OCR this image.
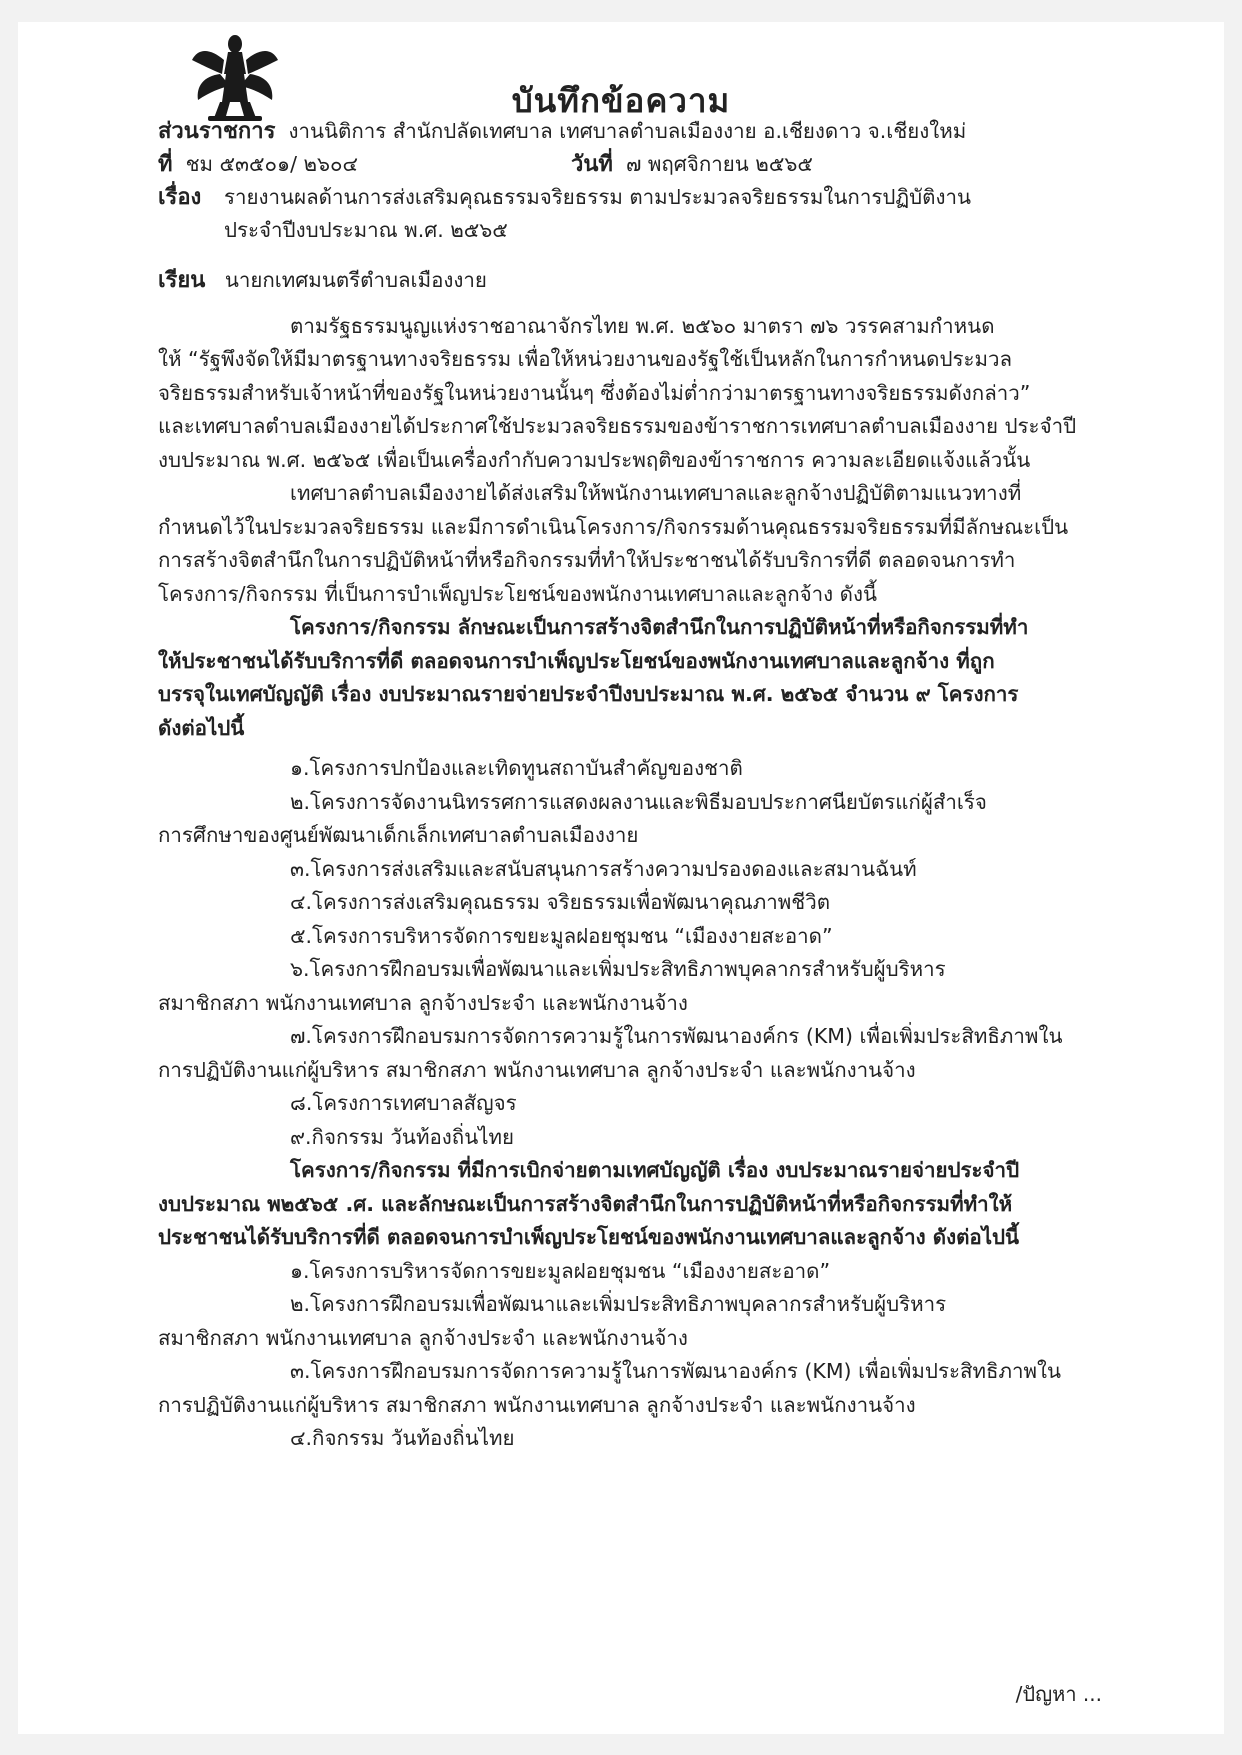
บันทึกข้อความ
ส่วนราชการ งานนิติการ สำนักปลัดเทศบาล เทศบาลตำบลเมืองงาย อ.เชียงดาว จ.เชียงใหม่
ที่ ชม ๕๓๕๐๑/ ๒๖๐๔	วันที่ ๗ พฤศจิกายน ๒๕๖๕
เรื่อง รายงานผลด้านการส่งเสริมคุณธรรมจริยธรรม ตามประมวลจริยธรรมในการปฏิบัติงาน
ประจำปีงบประมาณ พ.ศ. ๒๕๖๕
เรียน นายกเทศมนตรีตำบลเมืองงาย
ตามรัฐธรรมนูญแห่งราชอาณาจักรไทย พ.ศ. ๒๕๖๐ มาตรา ๗๖ วรรคสามกำหนด
ให้ “รัฐพึงจัดให้มีมาตรฐานทางจริยธรรม เพื่อให้หน่วยงานของรัฐใช้เป็นหลักในการกำหนดประมวล
จริยธรรมสำหรับเจ้าหน้าที่ของรัฐในหน่วยงานนั้นๆ ซึ่งต้องไม่ต่ำกว่ามาตรฐานทางจริยธรรมดังกล่าว”
และเทศบาลตำบลเมืองงายได้ประกาศใช้ประมวลจริยธรรมของข้าราชการเทศบาลตำบลเมืองงาย ประจำปี
งบประมาณ พ.ศ. ๒๕๖๕ เพื่อเป็นเครื่องกำกับความประพฤติของข้าราชการ ความละเอียดแจ้งแล้วนั้น
เทศบาลตำบลเมืองงายได้ส่งเสริมให้พนักงานเทศบาลและลูกจ้างปฏิบัติตามแนวทางที่
กำหนดไว้ในประมวลจริยธรรม และมีการดำเนินโครงการ/กิจกรรมด้านคุณธรรมจริยธรรมที่มีลักษณะเป็น
การสร้างจิตสำนึกในการปฏิบัติหน้าที่หรือกิจกรรมที่ทำให้ประชาชนได้รับบริการที่ดี ตลอดจนการทำ
โครงการ/กิจกรรม ที่เป็นการบำเพ็ญประโยชน์ของพนักงานเทศบาลและลูกจ้าง ดังนี้
โครงการ/กิจกรรม ลักษณะเป็นการสร้างจิตสำนึกในการปฏิบัติหน้าที่หรือกิจกรรมที่ทำ
ให้ประชาชนได้รับบริการที่ดี ตลอดจนการบำเพ็ญประโยชน์ของพนักงานเทศบาลและลูกจ้าง ที่ถูก
บรรจุในเทศบัญญัติ เรื่อง งบประมาณรายจ่ายประจำปีงบประมาณ พ.ศ. ๒๕๖๕ จำนวน ๙ โครงการ
ดังต่อไปนี้
๑.โครงการปกป้องและเทิดทูนสถาบันสำคัญของชาติ
๒.โครงการจัดงานนิทรรศการแสดงผลงานและพิธีมอบประกาศนียบัตรแก่ผู้สำเร็จ
การศึกษาของศูนย์พัฒนาเด็กเล็กเทศบาลตำบลเมืองงาย
๓.โครงการส่งเสริมและสนับสนุนการสร้างความปรองดองและสมานฉันท์
๔.โครงการส่งเสริมคุณธรรม จริยธรรมเพื่อพัฒนาคุณภาพชีวิต
๕.โครงการบริหารจัดการขยะมูลฝอยชุมชน “เมืองงายสะอาด”
๖.โครงการฝึกอบรมเพื่อพัฒนาและเพิ่มประสิทธิภาพบุคลากรสำหรับผู้บริหาร
สมาชิกสภา พนักงานเทศบาล ลูกจ้างประจำ และพนักงานจ้าง
๗.โครงการฝึกอบรมการจัดการความรู้ในการพัฒนาองค์กร (KM) เพื่อเพิ่มประสิทธิภาพใน
การปฏิบัติงานแก่ผู้บริหาร สมาชิกสภา พนักงานเทศบาล ลูกจ้างประจำ และพนักงานจ้าง
๘.โครงการเทศบาลสัญจร
๙.กิจกรรม วันท้องถิ่นไทย
โครงการ/กิจกรรม ที่มีการเบิกจ่ายตามเทศบัญญัติ เรื่อง งบประมาณรายจ่ายประจำปี
งบประมาณ พ๒๕๖๕ .ศ. และลักษณะเป็นการสร้างจิตสำนึกในการปฏิบัติหน้าที่หรือกิจกรรมที่ทำให้
ประชาชนได้รับบริการที่ดี ตลอดจนการบำเพ็ญประโยชน์ของพนักงานเทศบาลและลูกจ้าง ดังต่อไปนี้
๑.โครงการบริหารจัดการขยะมูลฝอยชุมชน “เมืองงายสะอาด”
๒.โครงการฝึกอบรมเพื่อพัฒนาและเพิ่มประสิทธิภาพบุคลากรสำหรับผู้บริหาร
สมาชิกสภา พนักงานเทศบาล ลูกจ้างประจำ และพนักงานจ้าง
๓.โครงการฝึกอบรมการจัดการความรู้ในการพัฒนาองค์กร (KM) เพื่อเพิ่มประสิทธิภาพใน
การปฏิบัติงานแก่ผู้บริหาร สมาชิกสภา พนักงานเทศบาล ลูกจ้างประจำ และพนักงานจ้าง
๔.กิจกรรม วันท้องถิ่นไทย
/ปัญหา ...
